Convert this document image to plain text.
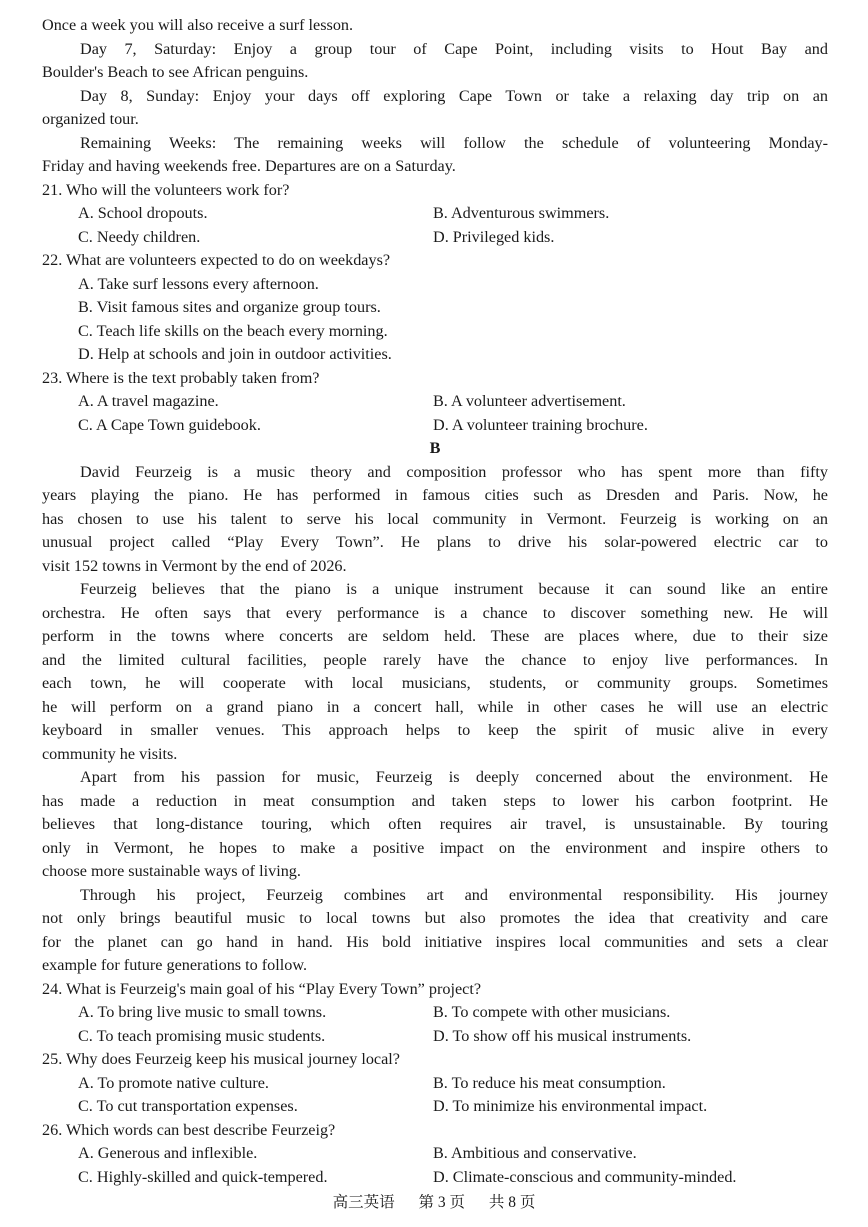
Once a week you will also receive a surf lesson.
Day 7, Saturday: Enjoy a group tour of Cape Point, including visits to Hout Bay and
Boulder's Beach to see African penguins.
Day 8, Sunday: Enjoy your days off exploring Cape Town or take a relaxing day trip on an
organized tour.
Remaining Weeks: The remaining weeks will follow the schedule of volunteering Monday-
Friday and having weekends free. Departures are on a Saturday.
21. Who will the volunteers work for?
A. School dropouts.	B. Adventurous swimmers.
C. Needy children.	D. Privileged kids.
22. What are volunteers expected to do on weekdays?
A. Take surf lessons every afternoon.
B. Visit famous sites and organize group tours.
C. Teach life skills on the beach every morning.
D. Help at schools and join in outdoor activities.
23. Where is the text probably taken from?
A. A travel magazine.	B. A volunteer advertisement.
C. A Cape Town guidebook.	D. A volunteer training brochure.
B
David Feurzeig is a music theory and composition professor who has spent more than fifty
years playing the piano. He has performed in famous cities such as Dresden and Paris. Now, he
has chosen to use his talent to serve his local community in Vermont. Feurzeig is working on an
unusual project called “Play Every Town”. He plans to drive his solar-powered electric car to
visit 152 towns in Vermont by the end of 2026.
Feurzeig believes that the piano is a unique instrument because it can sound like an entire
orchestra. He often says that every performance is a chance to discover something new. He will
perform in the towns where concerts are seldom held. These are places where, due to their size
and the limited cultural facilities, people rarely have the chance to enjoy live performances. In
each town, he will cooperate with local musicians, students, or community groups. Sometimes
he will perform on a grand piano in a concert hall, while in other cases he will use an electric
keyboard in smaller venues. This approach helps to keep the spirit of music alive in every
community he visits.
Apart from his passion for music, Feurzeig is deeply concerned about the environment. He
has made a reduction in meat consumption and taken steps to lower his carbon footprint. He
believes that long-distance touring, which often requires air travel, is unsustainable. By touring
only in Vermont, he hopes to make a positive impact on the environment and inspire others to
choose more sustainable ways of living.
Through his project, Feurzeig combines art and environmental responsibility. His journey
not only brings beautiful music to local towns but also promotes the idea that creativity and care
for the planet can go hand in hand. His bold initiative inspires local communities and sets a clear
example for future generations to follow.
24. What is Feurzeig's main goal of his “Play Every Town” project?
A. To bring live music to small towns.	B. To compete with other musicians.
C. To teach promising music students.	D. To show off his musical instruments.
25. Why does Feurzeig keep his musical journey local?
A. To promote native culture.	B. To reduce his meat consumption.
C. To cut transportation expenses.	D. To minimize his environmental impact.
26. Which words can best describe Feurzeig?
A. Generous and inflexible.	B. Ambitious and conservative.
C. Highly-skilled and quick-tempered.	D. Climate-conscious and community-minded.
高三英语 第 3 页 共 8 页
